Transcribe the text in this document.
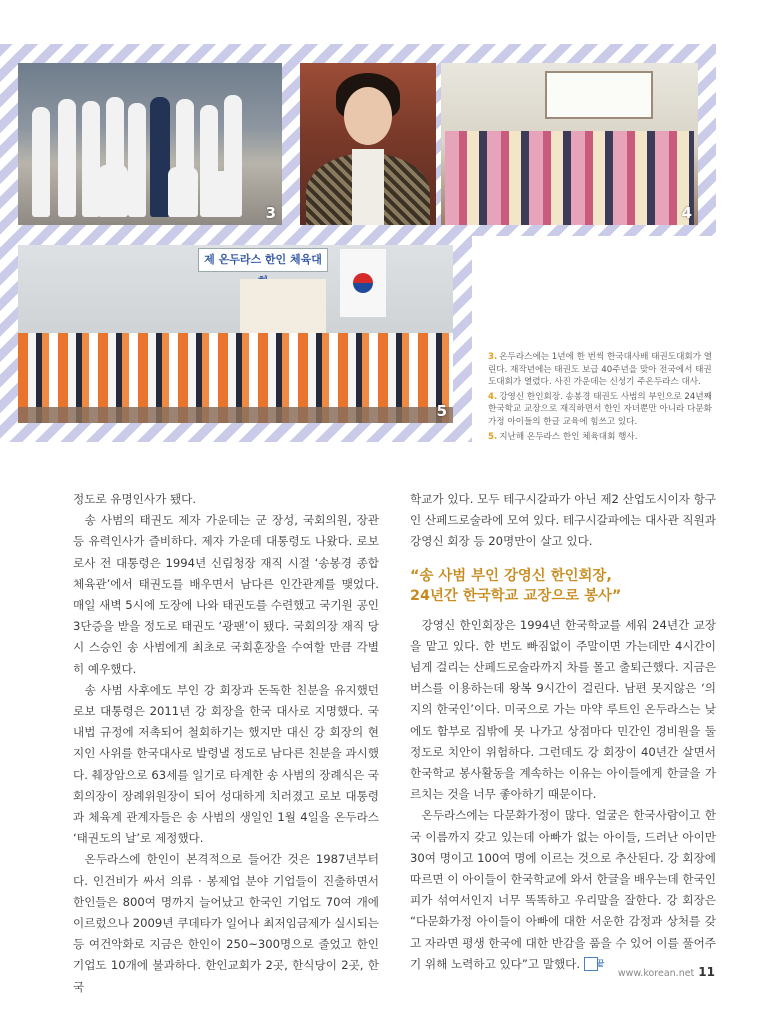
3	4
제 온두라스 한인 체육대
5

3. 온두라스에는 1년에 한 번씩 한국대사배 태권도대회가 열린다. 재작년에는 태권도 보급 40주년을 맞아 전국에서 태권도대회가 열렸다. 사진 가운데는 신성기 주온두라스 대사.

4. 강영신 한인회장. 송봉경 태권도 사범의 부인으로 24년째 한국학교 교장으로 재직하면서 한인 자녀뿐만 아니라 다문화 가정 아이들의 한글 교육에 힘쓰고 있다.

5. 지난해 온두라스 한인 체육대회 행사.

정도로 유명인사가 됐다.

송 사범의 태권도 제자 가운데는 군 장성, 국회의원, 장관 등 유력인사가 즐비하다. 제자 가운데 대통령도 나왔다. 로보 로사 전 대통령은 1994년 신림청장 재직 시절 ‘송봉경 종합체육관’에서 태권도를 배우면서 남다른 인간관계를 맺었다. 매일 새벽 5시에 도장에 나와 태권도를 수련했고 국기원 공인 3단증을 받을 정도로 태권도 ‘광팬’이 됐다. 국회의장 재직 당시 스승인 송 사범에게 최초로 국회훈장을 수여할 만큼 각별히 예우했다.

송 사범 사후에도 부인 강 회장과 돈독한 친분을 유지했던 로보 대통령은 2011년 강 회장을 한국 대사로 지명했다. 국내법 규정에 저촉되어 철회하기는 했지만 대신 강 회장의 현지인 사위를 한국대사로 발령낼 정도로 남다른 친분을 과시했다. 췌장암으로 63세를 일기로 타계한 송 사범의 장례식은 국회의장이 장례위원장이 되어 성대하게 치러졌고 로보 대통령과 체육계 관계자들은 송 사범의 생일인 1월 4일을 온두라스 ‘태권도의 날’로 제정했다.

온두라스에 한인이 본격적으로 들어간 것은 1987년부터다. 인건비가 싸서 의류 · 봉제업 분야 기업들이 진출하면서 한인들은 800여 명까지 늘어났고 한국인 기업도 70여 개에 이르렀으나 2009년 쿠데타가 일어나 최저임금제가 실시되는 등 여건악화로 지금은 한인이 250~300명으로 줄었고 한인 기업도 10개에 불과하다. 한인교회가 2곳, 한식당이 2곳, 한국

학교가 있다. 모두 테구시갈파가 아닌 제2 산업도시이자 항구인 산페드로술라에 모여 있다. 테구시갈파에는 대사관 직원과 강영신 회장 등 20명만이 살고 있다.

“송 사범 부인 강영신 한인회장,
24년간 한국학교 교장으로 봉사”

강영신 한인회장은 1994년 한국학교를 세워 24년간 교장을 맡고 있다. 한 번도 빠짐없이 주말이면 가는데만 4시간이 넘게 걸리는 산페드로술라까지 차를 몰고 출퇴근했다. 지금은 버스를 이용하는데 왕복 9시간이 걸린다. 남편 못지않은 ‘의지의 한국인’이다. 미국으로 가는 마약 루트인 온두라스는 낮에도 함부로 집밖에 못 나가고 상점마다 민간인 경비원을 둘 정도로 치안이 위험하다. 그런데도 강 회장이 40년간 살면서 한국학교 봉사활동을 계속하는 이유는 아이들에게 한글을 가르치는 것을 너무 좋아하기 때문이다.

온두라스에는 다문화가정이 많다. 얼굴은 한국사람이고 한국 이름까지 갖고 있는데 아빠가 없는 아이들, 드러난 아이만 30여 명이고 100여 명에 이르는 것으로 추산된다. 강 회장에 따르면 이 아이들이 한국학교에 와서 한글을 배우는데 한국인 피가 섞여서인지 너무 똑똑하고 우리말을 잘한다. 강 회장은 “다문화가정 아이들이 아빠에 대한 서운한 감정과 상처를 갖고 자라면 평생 한국에 대한 반감을 품을 수 있어 이를 풀어주기 위해 노력하고 있다”고 말했다. 끝

www.korean.net 11
